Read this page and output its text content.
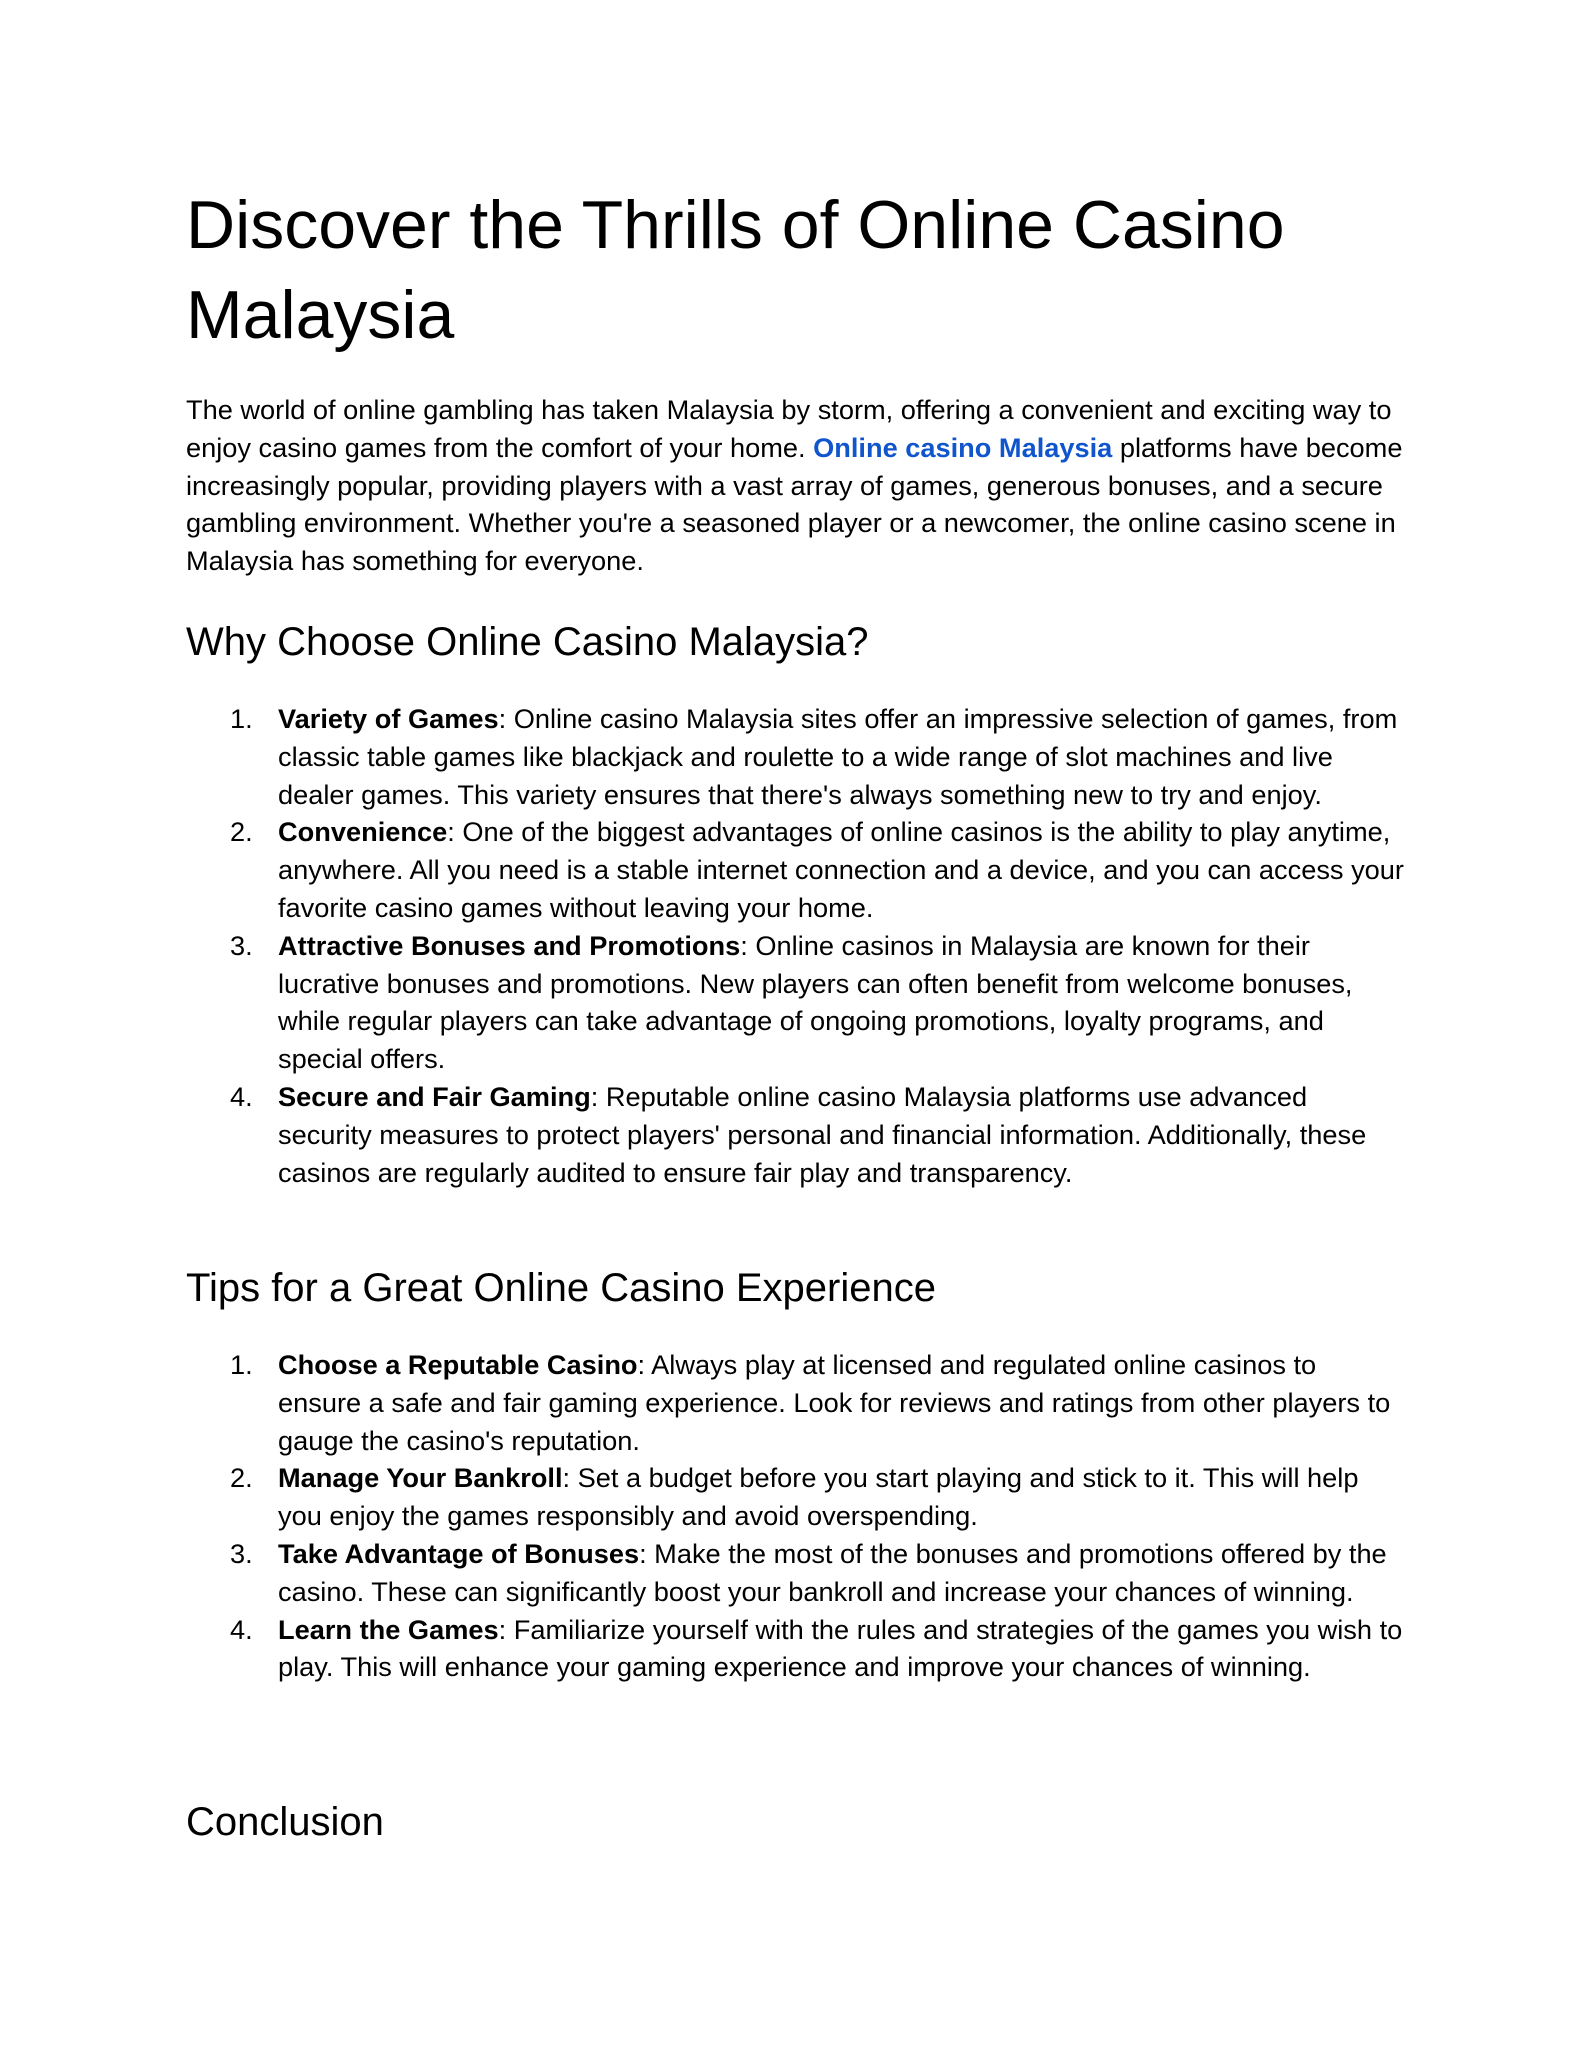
Discover the Thrills of Online Casino Malaysia

The world of online gambling has taken Malaysia by storm, offering a convenient and exciting way to enjoy casino games from the comfort of your home. Online casino Malaysia platforms have become increasingly popular, providing players with a vast array of games, generous bonuses, and a secure gambling environment. Whether you're a seasoned player or a newcomer, the online casino scene in Malaysia has something for everyone.

Why Choose Online Casino Malaysia?
1. Variety of Games: Online casino Malaysia sites offer an impressive selection of games, from classic table games like blackjack and roulette to a wide range of slot machines and live dealer games. This variety ensures that there's always something new to try and enjoy.
2. Convenience: One of the biggest advantages of online casinos is the ability to play anytime, anywhere. All you need is a stable internet connection and a device, and you can access your favorite casino games without leaving your home.
3. Attractive Bonuses and Promotions: Online casinos in Malaysia are known for their lucrative bonuses and promotions. New players can often benefit from welcome bonuses, while regular players can take advantage of ongoing promotions, loyalty programs, and special offers.
4. Secure and Fair Gaming: Reputable online casino Malaysia platforms use advanced security measures to protect players' personal and financial information. Additionally, these casinos are regularly audited to ensure fair play and transparency.
Tips for a Great Online Casino Experience
1. Choose a Reputable Casino: Always play at licensed and regulated online casinos to ensure a safe and fair gaming experience. Look for reviews and ratings from other players to gauge the casino's reputation.
2. Manage Your Bankroll: Set a budget before you start playing and stick to it. This will help you enjoy the games responsibly and avoid overspending.
3. Take Advantage of Bonuses: Make the most of the bonuses and promotions offered by the casino. These can significantly boost your bankroll and increase your chances of winning.
4. Learn the Games: Familiarize yourself with the rules and strategies of the games you wish to play. This will enhance your gaming experience and improve your chances of winning.
Conclusion
